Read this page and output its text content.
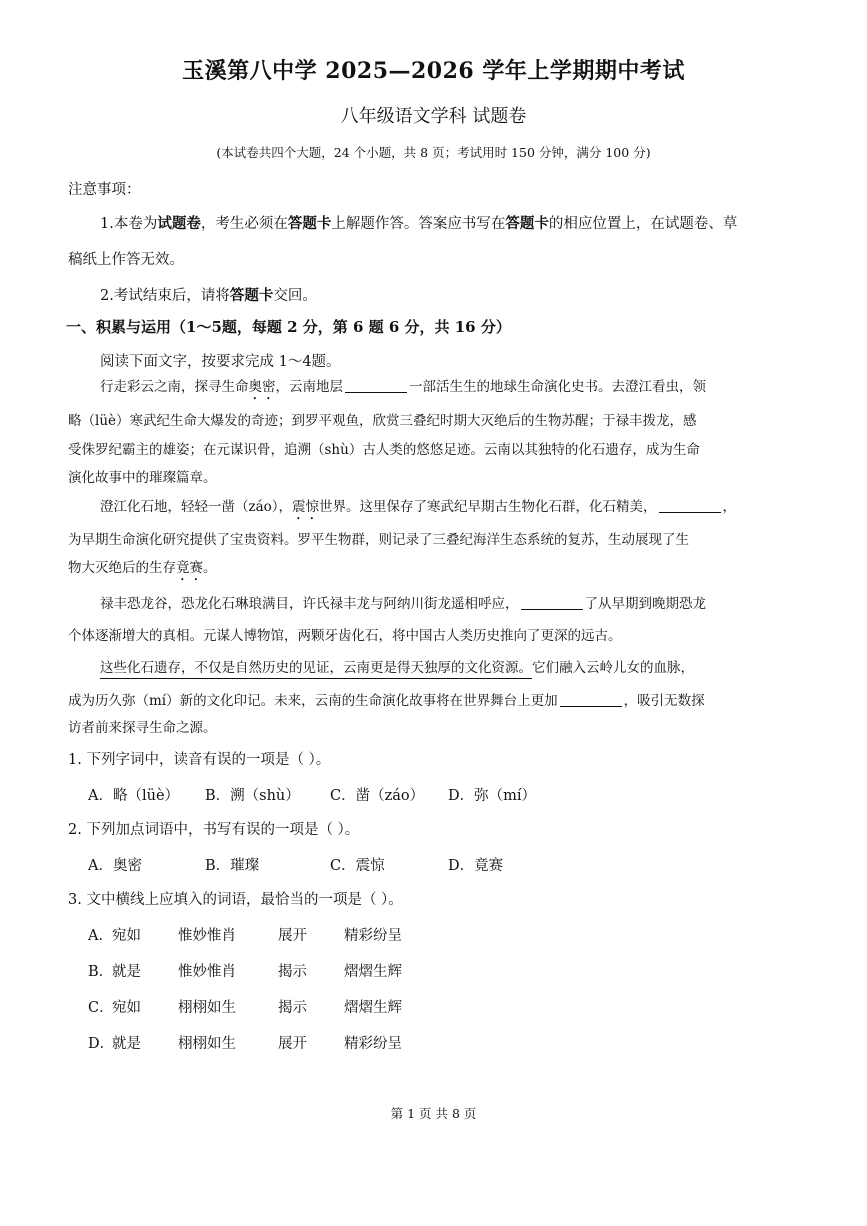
玉溪第八中学 2025—2026 学年上学期期中考试
八年级语文学科 试题卷
(本试卷共四个大题，24 个小题，共 8 页；考试用时 150 分钟，满分 100 分)
注意事项：
1.本卷为试题卷，考生必须在答题卡上解题作答。答案应书写在答题卡的相应位置上，在试题卷、草
稿纸上作答无效。
2.考试结束后，请将答题卡交回。
一、积累与运用（1～5题，每题 2 分，第 6 题 6 分，共 16 分）
阅读下面文字，按要求完成 1～4题。
行走彩云之南，探寻生命奥密，云南地层	一部活生生的地球生命演化史书。去澄江看虫，领
略（lüè）寒武纪生命大爆发的奇迹；到罗平观鱼，欣赏三叠纪时期大灭绝后的生物苏醒；于禄丰拨龙，感
受侏罗纪霸主的雄姿；在元谋识骨，追溯（shù）古人类的悠悠足迹。云南以其独特的化石遗存，成为生命
演化故事中的璀璨篇章。
澄江化石地，轻轻一凿（záo），震惊世界。这里保存了寒武纪早期古生物化石群，化石精美，	，
为早期生命演化研究提供了宝贵资料。罗平生物群，则记录了三叠纪海洋生态系统的复苏，生动展现了生
物大灭绝后的生存竟赛。
禄丰恐龙谷，恐龙化石琳琅满目，许氏禄丰龙与阿纳川街龙遥相呼应，	了从早期到晚期恐龙
个体逐渐增大的真相。元谋人博物馆，两颗牙齿化石，将中国古人类历史推向了更深的远古。
这些化石遗存，不仅是自然历史的见证，云南更是得天独厚的文化资源。它们融入云岭儿女的血脉，
成为历久弥（mí）新的文化印记。未来，云南的生命演化故事将在世界舞台上更加	，吸引无数探
访者前来探寻生命之源。
1. 下列字词中，读音有误的一项是（ ）。
A．略（lüè） B．溯（shù） C．凿（záo） D．弥（mí）
2. 下列加点词语中，书写有误的一项是（ ）。
A．奥密	B．璀璨	C．震惊	D．竟赛
3. 文中横线上应填入的词语，最恰当的一项是（ ）。
A． 宛如	惟妙惟肖	展开	精彩纷呈
B．
就是	惟妙惟肖	揭示	熠熠生辉
C．
宛如	栩栩如生	揭示	熠熠生辉
D．
就是	栩栩如生	展开	精彩纷呈
第 1 页 共 8 页
